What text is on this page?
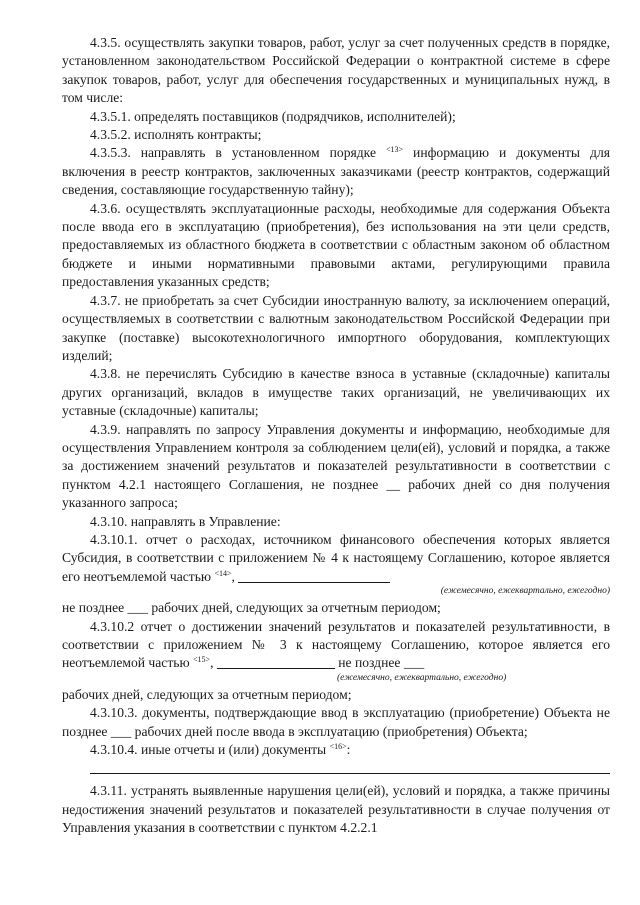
4.3.5. осуществлять закупки товаров, работ, услуг за счет полученных средств в порядке, установленном законодательством Российской Федерации о контрактной системе в сфере закупок товаров, работ, услуг для обеспечения государственных и муниципальных нужд, в том числе:

4.3.5.1. определять поставщиков (подрядчиков, исполнителей);

4.3.5.2. исполнять контракты;

4.3.5.3. направлять в установленном порядке $^{<13>}$ информацию и документы для включения в реестр контрактов, заключенных заказчиками (реестр контрактов, содержащий сведения, составляющие государственную тайну);

4.3.6. осуществлять эксплуатационные расходы, необходимые для содержания Объекта после ввода его в эксплуатацию (приобретения), без использования на эти цели средств, предоставляемых из областного бюджета в соответствии с областным законом об областном бюджете и иными нормативными правовыми актами, регулирующими правила предоставления указанных средств;

4.3.7. не приобретать за счет Субсидии иностранную валюту, за исключением операций, осуществляемых в соответствии с валютным законодательством Российской Федерации при закупке (поставке) высокотехнологичного импортного оборудования, комплектующих изделий;

4.3.8. не перечислять Субсидию в качестве взноса в уставные (складочные) капиталы других организаций, вкладов в имуществе таких организаций, не увеличивающих их уставные (складочные) капиталы;

4.3.9. направлять по запросу Управления документы и информацию, необходимые для осуществления Управлением контроля за соблюдением цели(ей), условий и порядка, а также за достижением значений результатов и показателей результативности в соответствии с пунктом 4.2.1 настоящего Соглашения, не позднее __ рабочих дней со дня получения указанного запроса;

4.3.10. направлять в Управление:

4.3.10.1. отчет о расходах, источником финансового обеспечения которых является Субсидия, в соответствии с приложением № 4 к настоящему Соглашению, которое является его неотъемлемой частью $^{<14>}$,

(ежемесячно, ежеквартально, ежегодно)

не позднее ___ рабочих дней, следующих за отчетным периодом;

4.3.10.2 отчет о достижении значений результатов и показателей результативности, в соответствии с приложением № 3 к настоящему Соглашению, которое является его неотъемлемой частью $^{<15>}$,	не позднее ___

(ежемесячно, ежеквартально, ежегодно)

рабочих дней, следующих за отчетным периодом;

4.3.10.3. документы, подтверждающие ввод в эксплуатацию (приобретение) Объекта не позднее ___ рабочих дней после ввода в эксплуатацию (приобретения) Объекта;

4.3.10.4. иные отчеты и (или) документы $^{<16>}$:

4.3.11. устранять выявленные нарушения цели(ей), условий и порядка, а также причины недостижения значений результатов и показателей результативности в случае получения от Управления указания в соответствии с пунктом 4.2.2.1
